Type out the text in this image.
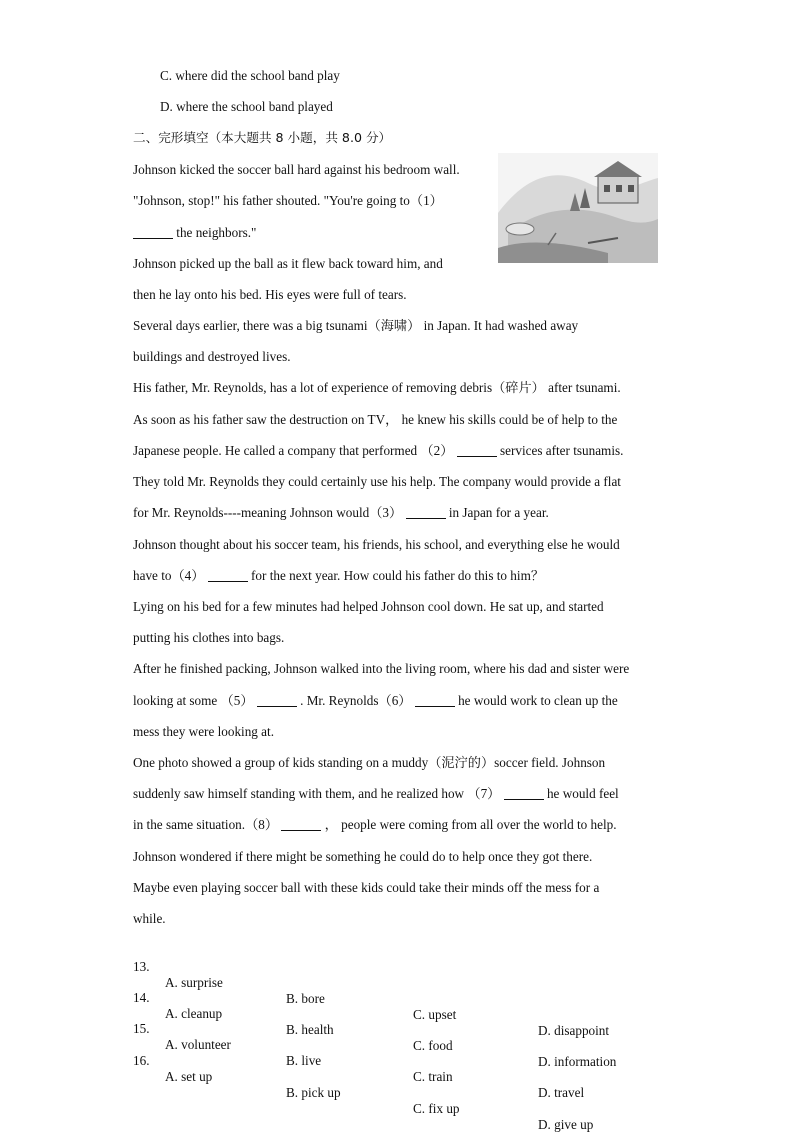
C. where did the school band play
D. where the school band played
二、完形填空（本大题共 8 小题，共 8.0 分）
Johnson kicked the soccer ball hard against his bedroom wall.
"Johnson, stop!" his father shouted. "You're going to（1）
the neighbors."
Johnson picked up the ball as it flew back toward him, and
then he lay onto his bed. His eyes were full of tears.
Several days earlier, there was a big tsunami（海啸） in Japan. It had washed away
buildings and destroyed lives.
His father, Mr. Reynolds, has a lot of experience of removing debris（碎片） after tsunami.
As soon as his father saw the destruction on TV， he knew his skills could be of help to the
Japanese people. He called a company that performed （2）	services after tsunamis.
They told Mr. Reynolds they could certainly use his help. The company would provide a flat
for Mr. Reynolds----meaning Johnson would（3）	in Japan for a year.
Johnson thought about his soccer team, his friends, his school, and everything else he would
have to（4）	for the next year. How could his father do this to him？
Lying on his bed for a few minutes had helped Johnson cool down. He sat up, and started
putting his clothes into bags.
After he finished packing, Johnson walked into the living room, where his dad and sister were
looking at some （5）	. Mr. Reynolds（6）	he would work to clean up the
mess they were looking at.
One photo showed a group of kids standing on a muddy（泥泞的）soccer field. Johnson
suddenly saw himself standing with them, and he realized how （7）	he would feel
in the same situation.（8）	， people were coming from all over the world to help.
Johnson wondered if there might be something he could do to help once they got there.
Maybe even playing soccer ball with these kids could take their minds off the mess for a
while.

13.

A. surprise

B. bore

C. upset

D. disappoint

14.

A. cleanup

B. health

C. food

D. information

15.

A. volunteer

B. live

C. train

D. travel

16.

A. set up

B. pick up

C. fix up

D. give up
